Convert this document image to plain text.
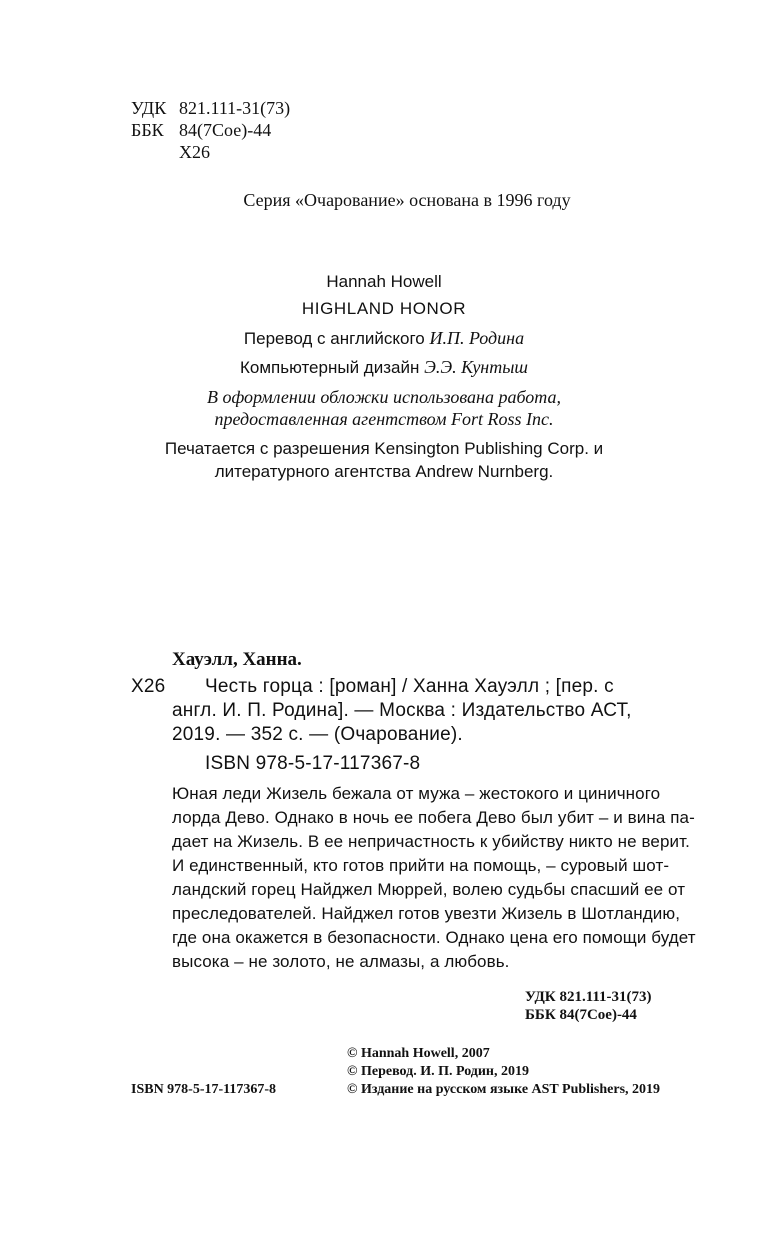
УДК 821.111-31(73)
ББК 84(7Сое)-44
Х26
Серия «Очарование» основана в 1996 году
Hannah Howell
HIGHLAND HONOR
Перевод с английского И.П. Родина
Компьютерный дизайн Э.Э. Кунтыш
В оформлении обложки использована работа,
предоставленная агентством Fort Ross Inc.
Печатается с разрешения Kensington Publishing Corp. и
литературного агентства Andrew Nurnberg.
Хауэлл, Ханна.
Х26 Честь горца : [роман] / Ханна Хауэлл ; [пер. с
англ. И. П. Родина]. — Москва : Издательство АСТ,
2019. — 352 с. — (Очарование).
ISBN 978-5-17-117367-8
Юная леди Жизель бежала от мужа – жестокого и циничного
лорда Дево. Однако в ночь ее побега Дево был убит – и вина па-
дает на Жизель. В ее непричастность к убийству никто не верит.
И единственный, кто готов прийти на помощь, – суровый шот-
ландский горец Найджел Мюррей, волею судьбы спасший ее от
преследователей. Найджел готов увезти Жизель в Шотландию,
где она окажется в безопасности. Однако цена его помощи будет
высока – не золото, не алмазы, а любовь.
УДК 821.111-31(73)
ББК 84(7Сое)-44
© Hannah Howell, 2007
© Перевод. И. П. Родин, 2019
© Издание на русском языке AST Publishers, 2019
ISBN 978-5-17-117367-8
